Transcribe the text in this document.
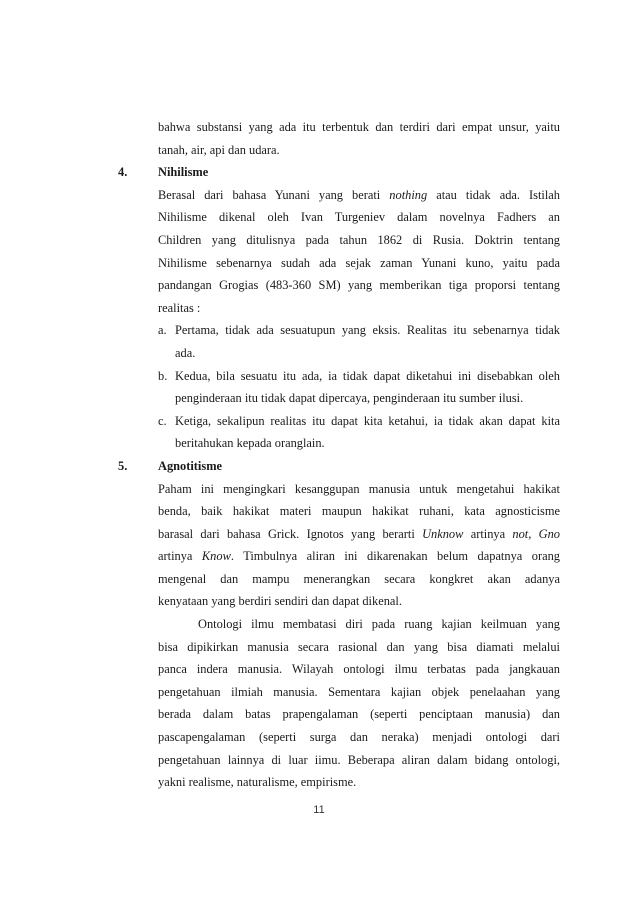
bahwa substansi yang ada itu terbentuk dan terdiri dari empat unsur, yaitu
tanah, air, api dan udara.
4.	Nihilisme
Berasal dari bahasa Yunani yang berati nothing atau tidak ada. Istilah
Nihilisme dikenal oleh Ivan Turgeniev dalam novelnya Fadhers an
Children yang ditulisnya pada tahun 1862 di Rusia. Doktrin tentang
Nihilisme sebenarnya sudah ada sejak zaman Yunani kuno, yaitu pada
pandangan Grogias (483-360 SM) yang memberikan tiga proporsi tentang
realitas :
a. Pertama, tidak ada sesuatupun yang eksis. Realitas itu sebenarnya tidak
ada.
b. Kedua, bila sesuatu itu ada, ia tidak dapat diketahui ini disebabkan oleh
penginderaan itu tidak dapat dipercaya, penginderaan itu sumber ilusi.
c. Ketiga, sekalipun realitas itu dapat kita ketahui, ia tidak akan dapat kita
beritahukan kepada oranglain.
5.	Agnotitisme
Paham ini mengingkari kesanggupan manusia untuk mengetahui hakikat
benda, baik hakikat materi maupun hakikat ruhani, kata agnosticisme
barasal dari bahasa Grick. Ignotos yang berarti Unknow artinya not, Gno
artinya Know. Timbulnya aliran ini dikarenakan belum dapatnya orang
mengenal dan mampu menerangkan secara kongkret akan adanya
kenyataan yang berdiri sendiri dan dapat dikenal.
Ontologi ilmu membatasi diri pada ruang kajian keilmuan yang
bisa dipikirkan manusia secara rasional dan yang bisa diamati melalui
panca indera manusia. Wilayah ontologi ilmu terbatas pada jangkauan
pengetahuan ilmiah manusia. Sementara kajian objek penelaahan yang
berada dalam batas prapengalaman (seperti penciptaan manusia) dan
pascapengalaman (seperti surga dan neraka) menjadi ontologi dari
pengetahuan lainnya di luar iimu. Beberapa aliran dalam bidang ontologi,
yakni realisme, naturalisme, empirisme.
11
